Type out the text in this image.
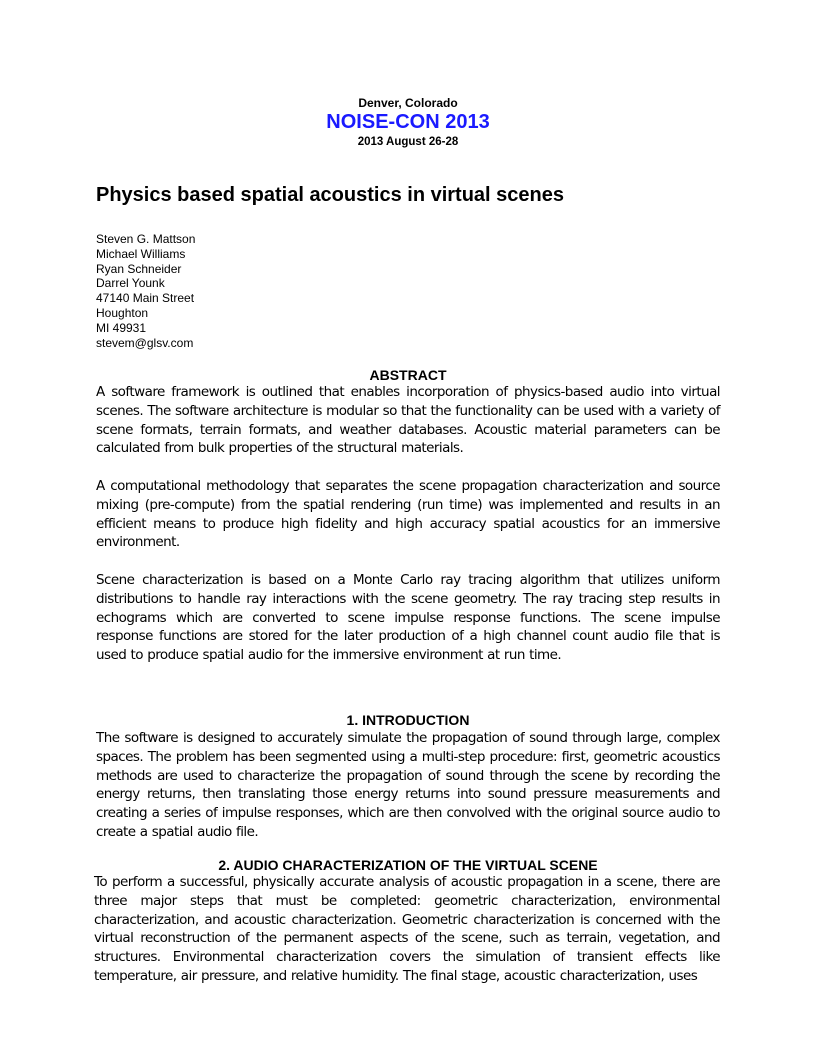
Denver, Colorado
NOISE-CON 2013
2013 August 26-28
Physics based spatial acoustics in virtual scenes
Steven G. Mattson
Michael Williams
Ryan Schneider
Darrel Younk
47140 Main Street
Houghton
MI 49931
stevem@glsv.com
ABSTRACT
A software framework is outlined that enables incorporation of physics-based audio into virtual scenes. The software architecture is modular so that the functionality can be used with a variety of scene formats, terrain formats, and weather databases. Acoustic material parameters can be calculated from bulk properties of the structural materials.
A computational methodology that separates the scene propagation characterization and source mixing (pre-compute) from the spatial rendering (run time) was implemented and results in an efficient means to produce high fidelity and high accuracy spatial acoustics for an immersive environment.
Scene characterization is based on a Monte Carlo ray tracing algorithm that utilizes uniform distributions to handle ray interactions with the scene geometry. The ray tracing step results in echograms which are converted to scene impulse response functions. The scene impulse response functions are stored for the later production of a high channel count audio file that is used to produce spatial audio for the immersive environment at run time.
1. INTRODUCTION
The software is designed to accurately simulate the propagation of sound through large, complex spaces. The problem has been segmented using a multi-step procedure: first, geometric acoustics methods are used to characterize the propagation of sound through the scene by recording the energy returns, then translating those energy returns into sound pressure measurements and creating a series of impulse responses, which are then convolved with the original source audio to create a spatial audio file.
2. AUDIO CHARACTERIZATION OF THE VIRTUAL SCENE
To perform a successful, physically accurate analysis of acoustic propagation in a scene, there are three major steps that must be completed: geometric characterization, environmental characterization, and acoustic characterization. Geometric characterization is concerned with the virtual reconstruction of the permanent aspects of the scene, such as terrain, vegetation, and structures. Environmental characterization covers the simulation of transient effects like temperature, air pressure, and relative humidity. The final stage, acoustic characterization, uses
